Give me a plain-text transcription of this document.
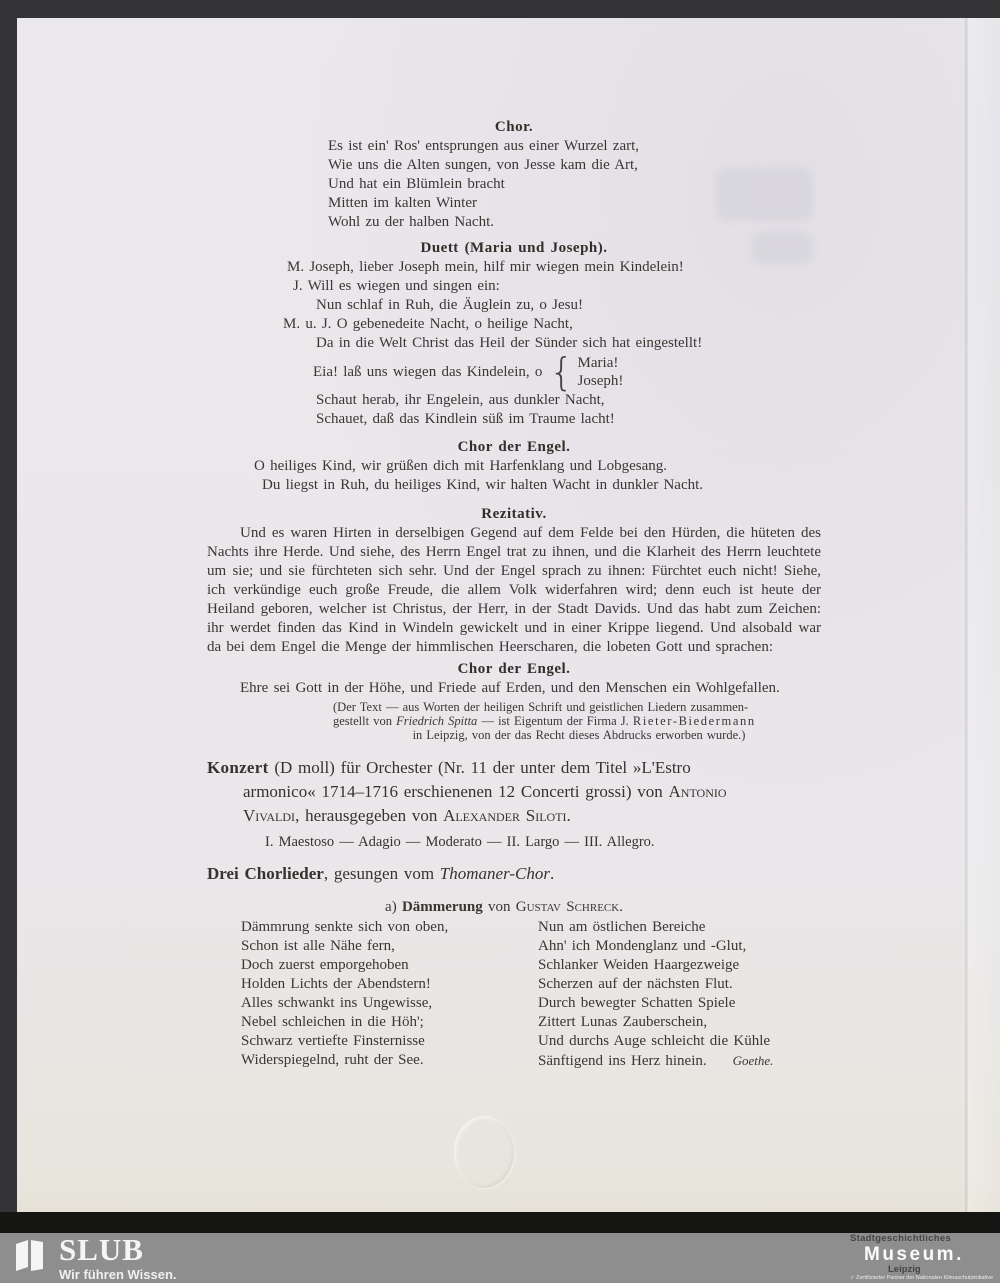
Chor.
Es ist ein' Ros' entsprungen aus einer Wurzel zart,
Wie uns die Alten sungen, von Jesse kam die Art,
Und hat ein Blümlein bracht
Mitten im kalten Winter
Wohl zu der halben Nacht.
Duett (Maria und Joseph).
M. Joseph, lieber Joseph mein, hilf mir wiegen mein Kindelein!
J. Will es wiegen und singen ein:
Nun schlaf in Ruh, die Äuglein zu, o Jesu!
M. u. J. O gebenedeite Nacht, o heilige Nacht,
Da in die Welt Christ das Heil der Sünder sich hat eingestellt!
Eia! laß uns wiegen das Kindelein, o { Maria!
Joseph!
Schaut herab, ihr Engelein, aus dunkler Nacht,
Schauet, daß das Kindlein süß im Traume lacht!
Chor der Engel.
O heiliges Kind, wir grüßen dich mit Harfenklang und Lobgesang.
Du liegst in Ruh, du heiliges Kind, wir halten Wacht in dunkler Nacht.
Rezitativ.
Und es waren Hirten in derselbigen Gegend auf dem Felde bei den Hürden, die hüteten des Nachts ihre Herde. Und siehe, des Herrn Engel trat zu ihnen, und die Klarheit des Herrn leuchtete um sie; und sie fürchteten sich sehr. Und der Engel sprach zu ihnen: Fürchtet euch nicht! Siehe, ich verkündige euch große Freude, die allem Volk widerfahren wird; denn euch ist heute der Heiland geboren, welcher ist Christus, der Herr, in der Stadt Davids. Und das habt zum Zeichen: ihr werdet finden das Kind in Windeln gewickelt und in einer Krippe liegend. Und alsobald war da bei dem Engel die Menge der himmlischen Heerscharen, die lobeten Gott und sprachen:
Chor der Engel.
Ehre sei Gott in der Höhe, und Friede auf Erden, und den Menschen ein Wohlgefallen.
(Der Text — aus Worten der heiligen Schrift und geistlichen Liedern zusammen-
gestellt von Friedrich Spitta — ist Eigentum der Firma J. Rieter-Biedermann
in Leipzig, von der das Recht dieses Abdrucks erworben wurde.)
Konzert (D moll) für Orchester (Nr. 11 der unter dem Titel »L'Estro
armonico« 1714–1716 erschienenen 12 Concerti grossi) von Antonio
Vivaldi, herausgegeben von Alexander Siloti.
I. Maestoso — Adagio — Moderato — II. Largo — III. Allegro.
Drei Chorlieder, gesungen vom Thomaner-Chor.
a) Dämmerung von Gustav Schreck.
Dämmrung senkte sich von oben,
Schon ist alle Nähe fern,
Doch zuerst emporgehoben
Holden Lichts der Abendstern!
Alles schwankt ins Ungewisse,
Nebel schleichen in die Höh';
Schwarz vertiefte Finsternisse
Widerspiegelnd, ruht der See.
Nun am östlichen Bereiche
Ahn' ich Mondenglanz und -Glut,
Schlanker Weiden Haargezweige
Scherzen auf der nächsten Flut.
Durch bewegter Schatten Spiele
Zittert Lunas Zauberschein,
Und durchs Auge schleicht die Kühle
Sänftigend ins Herz hinein. Goethe.
SLUB
Wir führen Wissen.
Stadtgeschichtliches
Museum.
Leipzig
✓ Zertifizierter Partner der Nationalen Klimaschutzinitiative
